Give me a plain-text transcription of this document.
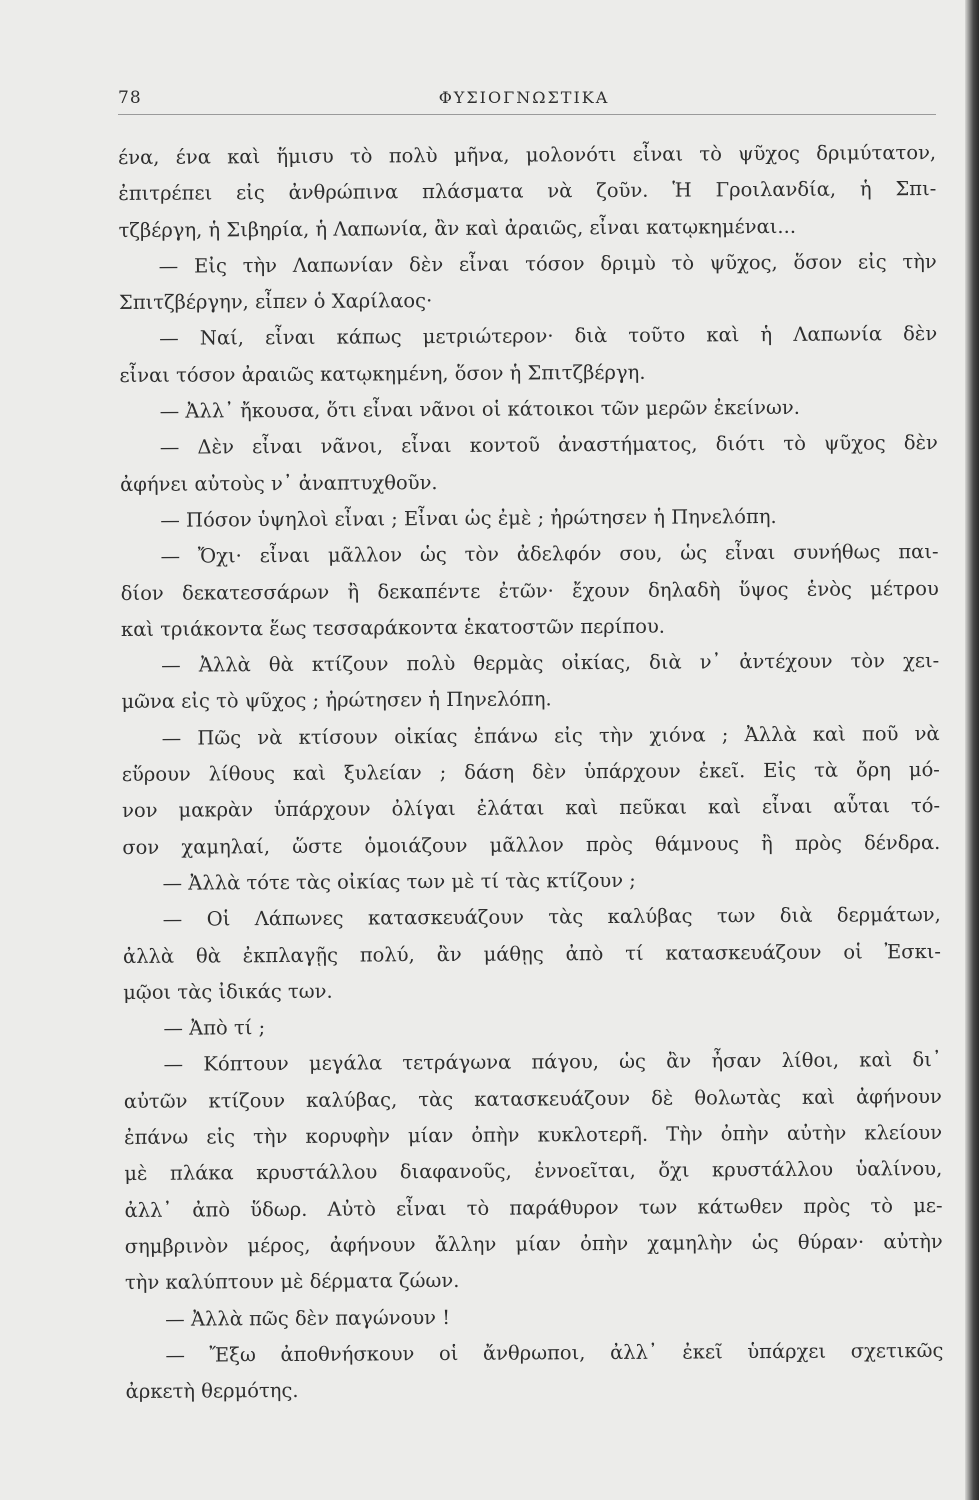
78	ΦΥΣΙΟΓΝΩΣΤΙΚΑ
ένα, ένα καὶ ἥμισυ τὸ πολὺ μῆνα, μολονότι εἶναι τὸ ψῦχος δριμύτατον,
ἐπιτρέπει εἰς ἀνθρώπινα πλάσματα νὰ ζοῦν. Ἡ Γροιλανδία, ἡ Σπι-
τζβέργη, ἡ Σιβηρία, ἡ Λαπωνία, ἂν καὶ ἀραιῶς, εἶναι κατῳκημέναι...
— Εἰς τὴν Λαπωνίαν δὲν εἶναι τόσον δριμὺ τὸ ψῦχος, ὅσον εἰς τὴν
Σπιτζβέργην, εἶπεν ὁ Χαρίλαος·
— Ναί, εἶναι κάπως μετριώτερον· διὰ τοῦτο καὶ ἡ Λαπωνία δὲν
εἶναι τόσον ἀραιῶς κατῳκημένη, ὅσον ἡ Σπιτζβέργη.
— Ἀλλ᾽ ἤκουσα, ὅτι εἶναι νᾶνοι οἱ κάτοικοι τῶν μερῶν ἐκείνων.
— Δὲν εἶναι νᾶνοι, εἶναι κοντοῦ ἀναστήματος, διότι τὸ ψῦχος δὲν
ἀφήνει αὐτοὺς ν᾽ ἀναπτυχθοῦν.
— Πόσον ὑψηλοὶ εἶναι ; Εἶναι ὡς ἐμὲ ; ἠρώτησεν ἡ Πηνελόπη.
— Ὄχι· εἶναι μᾶλλον ὡς τὸν ἀδελφόν σου, ὡς εἶναι συνήθως παι-
δίον δεκατεσσάρων ἢ δεκαπέντε ἐτῶν· ἔχουν δηλαδὴ ὕψος ἑνὸς μέτρου
καὶ τριάκοντα ἕως τεσσαράκοντα ἑκατοστῶν περίπου.
— Ἀλλὰ θὰ κτίζουν πολὺ θερμὰς οἰκίας, διὰ ν᾽ ἀντέχουν τὸν χει-
μῶνα εἰς τὸ ψῦχος ; ἠρώτησεν ἡ Πηνελόπη.
— Πῶς νὰ κτίσουν οἰκίας ἐπάνω εἰς τὴν χιόνα ; Ἀλλὰ καὶ ποῦ νὰ
εὕρουν λίθους καὶ ξυλείαν ; δάση δὲν ὑπάρχουν ἐκεῖ. Εἰς τὰ ὄρη μό-
νον μακρὰν ὑπάρχουν ὀλίγαι ἐλάται καὶ πεῦκαι καὶ εἶναι αὗται τό-
σον χαμηλαί, ὥστε ὁμοιάζουν μᾶλλον πρὸς θάμνους ἢ πρὸς δένδρα.
— Ἀλλὰ τότε τὰς οἰκίας των μὲ τί τὰς κτίζουν ;
— Οἱ Λάπωνες κατασκευάζουν τὰς καλύβας των διὰ δερμάτων,
ἀλλὰ θὰ ἐκπλαγῇς πολύ, ἂν μάθῃς ἀπὸ τί κατασκευάζουν οἱ Ἐσκι-
μῷοι τὰς ἰδικάς των.
— Ἀπὸ τί ;
— Κόπτουν μεγάλα τετράγωνα πάγου, ὡς ἂν ἦσαν λίθοι, καὶ δι᾽
αὐτῶν κτίζουν καλύβας, τὰς κατασκευάζουν δὲ θολωτὰς καὶ ἀφήνουν
ἐπάνω εἰς τὴν κορυφὴν μίαν ὀπὴν κυκλοτερῆ. Τὴν ὀπὴν αὐτὴν κλείουν
μὲ πλάκα κρυστάλλου διαφανοῦς, ἐννοεῖται, ὄχι κρυστάλλου ὑαλίνου,
ἀλλ᾽ ἀπὸ ὕδωρ. Αὐτὸ εἶναι τὸ παράθυρον των κάτωθεν πρὸς τὸ με-
σημβρινὸν μέρος, ἀφήνουν ἄλλην μίαν ὀπὴν χαμηλὴν ὡς θύραν· αὐτὴν
τὴν καλύπτουν μὲ δέρματα ζώων.
— Ἀλλὰ πῶς δὲν παγώνουν !
— Ἔξω ἀποθνήσκουν οἱ ἄνθρωποι, ἀλλ᾽ ἐκεῖ ὑπάρχει σχετικῶς
ἀρκετὴ θερμότης.
